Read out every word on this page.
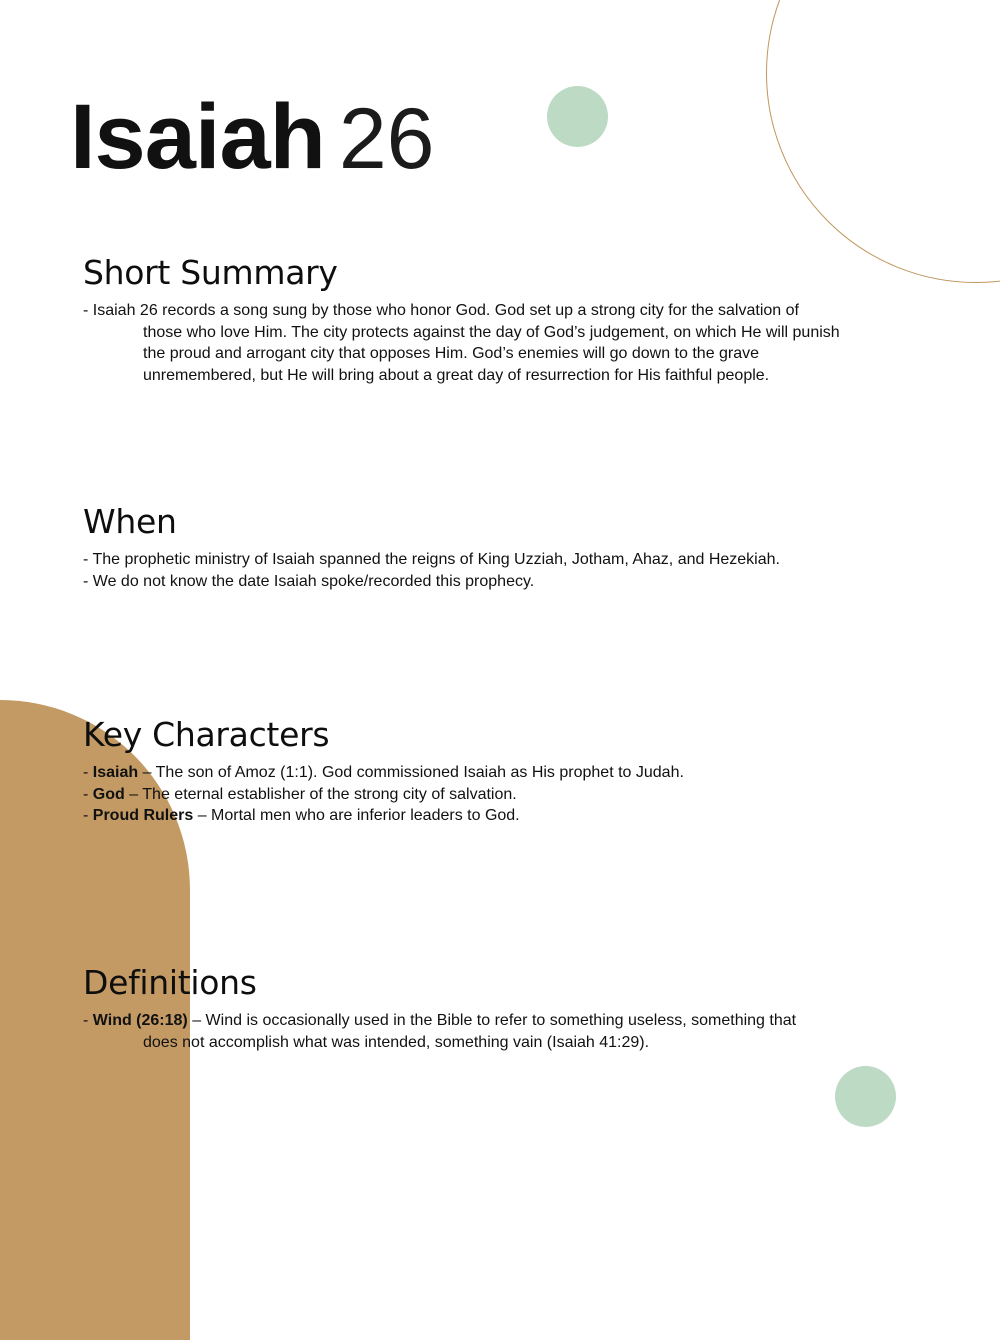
Isaiah 26
Short Summary
- Isaiah 26 records a song sung by those who honor God. God set up a strong city for the salvation of
those who love Him. The city protects against the day of God’s judgement, on which He will punish
the proud and arrogant city that opposes Him. God’s enemies will go down to the grave
unremembered, but He will bring about a great day of resurrection for His faithful people.
When
- The prophetic ministry of Isaiah spanned the reigns of King Uzziah, Jotham, Ahaz, and Hezekiah.
- We do not know the date Isaiah spoke/recorded this prophecy.
Key Characters
- Isaiah – The son of Amoz (1:1). God commissioned Isaiah as His prophet to Judah.
- God – The eternal establisher of the strong city of salvation.
- Proud Rulers – Mortal men who are inferior leaders to God.
Definitions
- Wind (26:18) – Wind is occasionally used in the Bible to refer to something useless, something that
does not accomplish what was intended, something vain (Isaiah 41:29).
